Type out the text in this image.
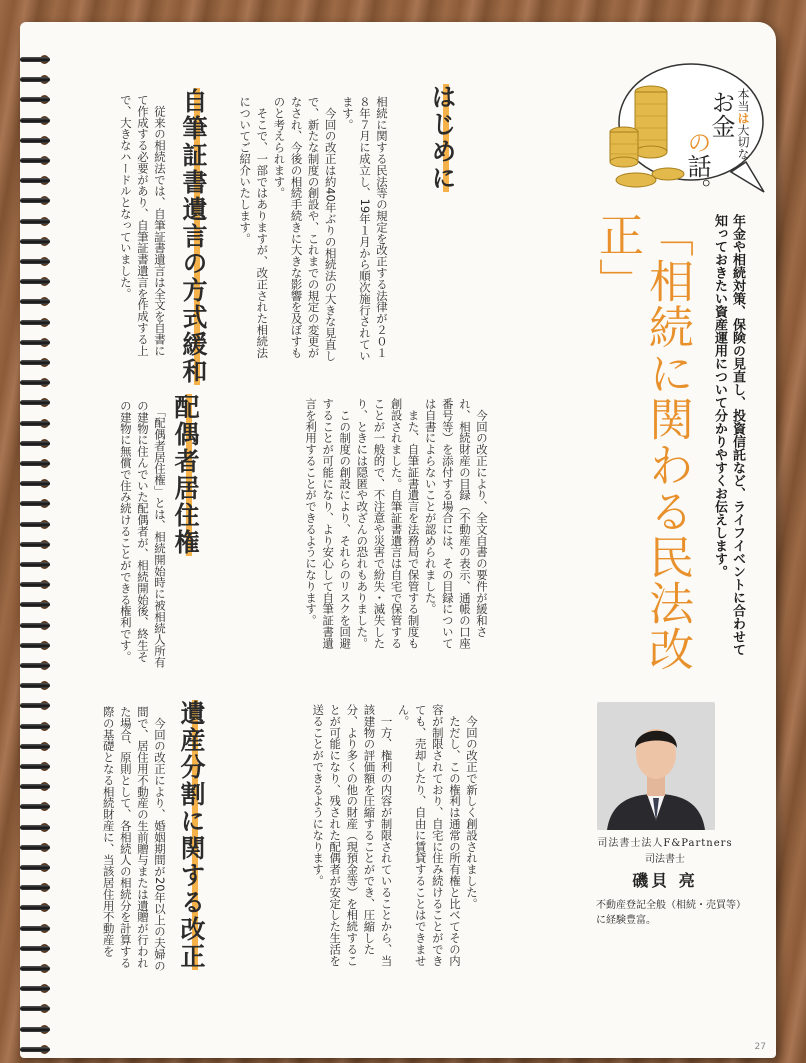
本当は大切な
お金
の話。
年金や相続対策、保険の見直し、投資信託など、ライフイベントに合わせて
知っておきたい資産運用について分かりやすくお伝えします。
「相続に関わる民法改正」
はじめに
相続に関する民法等の規定を改正する法律が２０１８年７月に成立し、19年１月から順次施行されています。
　今回の改正は約40年ぶりの相続法の大きな見直しで、新たな制度の創設や、これまでの規定の変更がなされ、今後の相続手続きに大きな影響を及ぼすものと考えられます。
　そこで、一部ではありますが、改正された相続法についてご紹介いたします。
自筆証書遺言の方式緩和
　従来の相続法では、自筆証書遺言は全文を自書にて作成する必要があり、自筆証書遺言を作成する上で、大きなハードルとなっていました。
　今回の改正により、全文自書の要件が緩和され、相続財産の目録（不動産の表示、通帳の口座番号等）を添付する場合には、その目録については自書によらないことが認められました。
　また、自筆証書遺言を法務局で保管する制度も創設されました。自筆証書遺言は自宅で保管することが一般的で、不注意や災害で紛失・滅失したり、ときには隠匿や改ざんの恐れもありました。
　この制度の創設により、それらのリスクを回避することが可能になり、より安心して自筆証書遺言を利用することができるようになります。
配偶者居住権
　「配偶者居住権」とは、相続開始時に被相続人所有の建物に住んでいた配偶者が、相続開始後、終生その建物に無償で住み続けることができる権利です。
　今回の改正で新しく創設されました。
　ただし、この権利は通常の所有権と比べてその内容が制限されており、自宅に住み続けることができても、売却したり、自由に賃貸することはできません。
　一方、権利の内容が制限されていることから、当該建物の評価額を圧縮することができ、圧縮した分、より多くの他の財産（現預金等）を相続することが可能になり、残された配偶者が安定した生活を送ることができるようになります。
遺産分割に関する改正
　今回の改正により、婚姻期間が20年以上の夫婦の間で、居住用不動産の生前贈与または遺贈が行われた場合、原則として、各相続人の相続分を計算する際の基礎となる相続財産に、当該居住用不動産を	司法書士法人F&Partners
司法書士
磯貝 亮
不動産登記全般（相続・売買等）
に経験豊富。
27
